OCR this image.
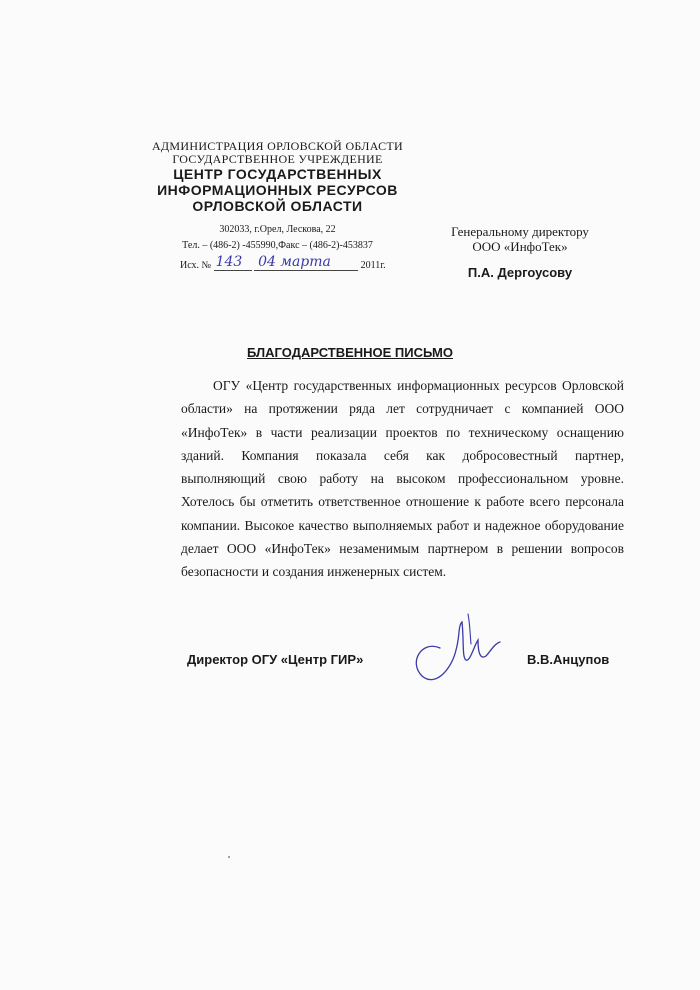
АДМИНИСТРАЦИЯ ОРЛОВСКОЙ ОБЛАСТИ
ГОСУДАРСТВЕННОЕ УЧРЕЖДЕНИЕ
ЦЕНТР ГОСУДАРСТВЕННЫХ
ИНФОРМАЦИОННЫХ РЕСУРСОВ
ОРЛОВСКОЙ ОБЛАСТИ
302033, г.Орел, Лескова, 22
Тел. – (486-2) -455990,Факс – (486-2)-453837
Исх. № 143
04 марта	2011г.
Генеральному директору
ООО «ИнфоТек»
П.А. Дергоусову
БЛАГОДАРСТВЕННОЕ ПИСЬМО
ОГУ «Центр государственных информационных ресурсов Орловской области» на протяжении ряда лет сотрудничает с компанией ООО «ИнфоТек» в части реализации проектов по техническому оснащению зданий. Компания показала себя как добросовестный партнер, выполняющий свою работу на высоком профессиональном уровне. Хотелось бы отметить ответственное отношение к работе всего персонала компании. Высокое качество выполняемых работ и надежное оборудование делает ООО «ИнфоТек» незаменимым партнером в решении вопросов безопасности и создания инженерных систем.
Директор ОГУ «Центр ГИР»	В.В.Анцупов
